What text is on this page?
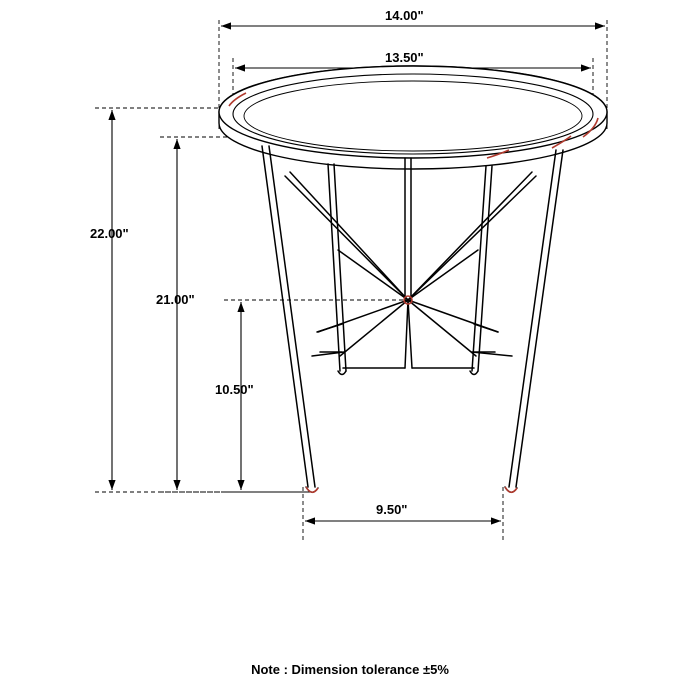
14.00"
13.50"
22.00"
21.00"
10.50"
9.50"
Note : Dimension tolerance ±5%
